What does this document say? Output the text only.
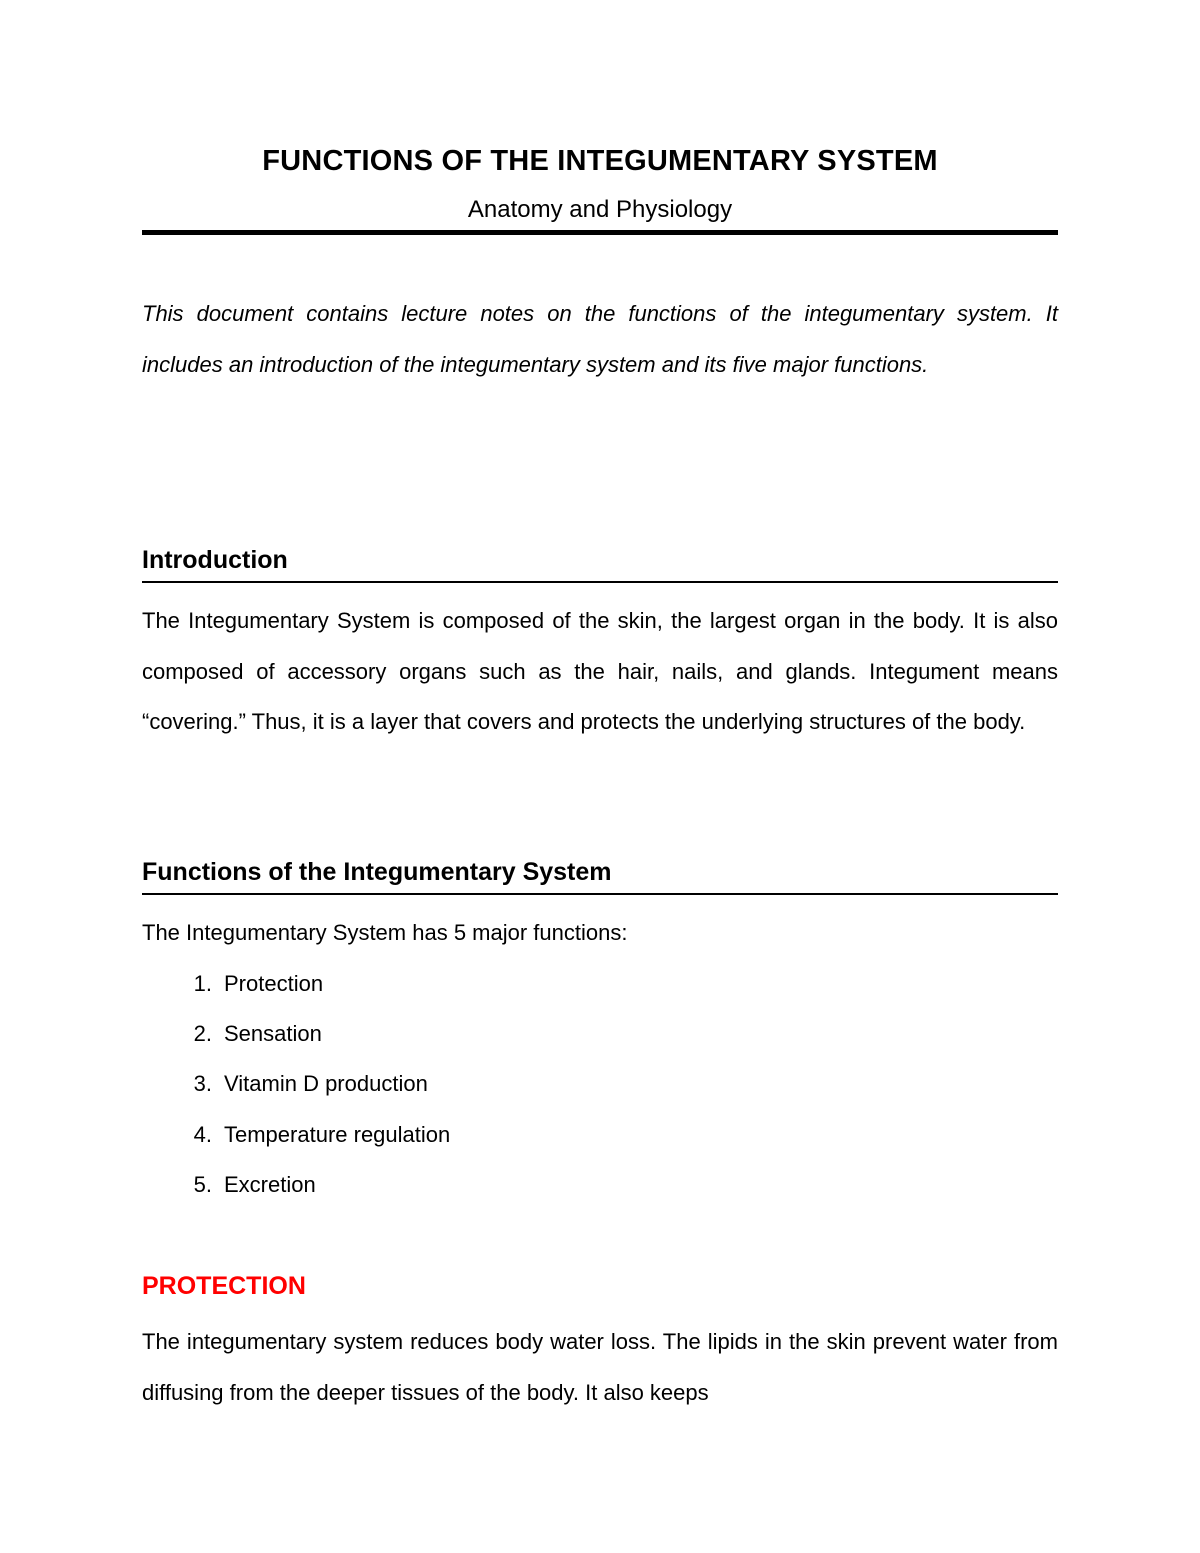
FUNCTIONS OF THE INTEGUMENTARY SYSTEM
Anatomy and Physiology
This document contains lecture notes on the functions of the integumentary system. It includes an introduction of the integumentary system and its five major functions.
Introduction
The Integumentary System is composed of the skin, the largest organ in the body. It is also composed of accessory organs such as the hair, nails, and glands. Integument means “covering.” Thus, it is a layer that covers and protects the underlying structures of the body.
Functions of the Integumentary System
The Integumentary System has 5 major functions:
1. Protection
2. Sensation
3. Vitamin D production
4. Temperature regulation
5. Excretion
PROTECTION
The integumentary system reduces body water loss. The lipids in the skin prevent water from diffusing from the deeper tissues of the body. It also keeps
